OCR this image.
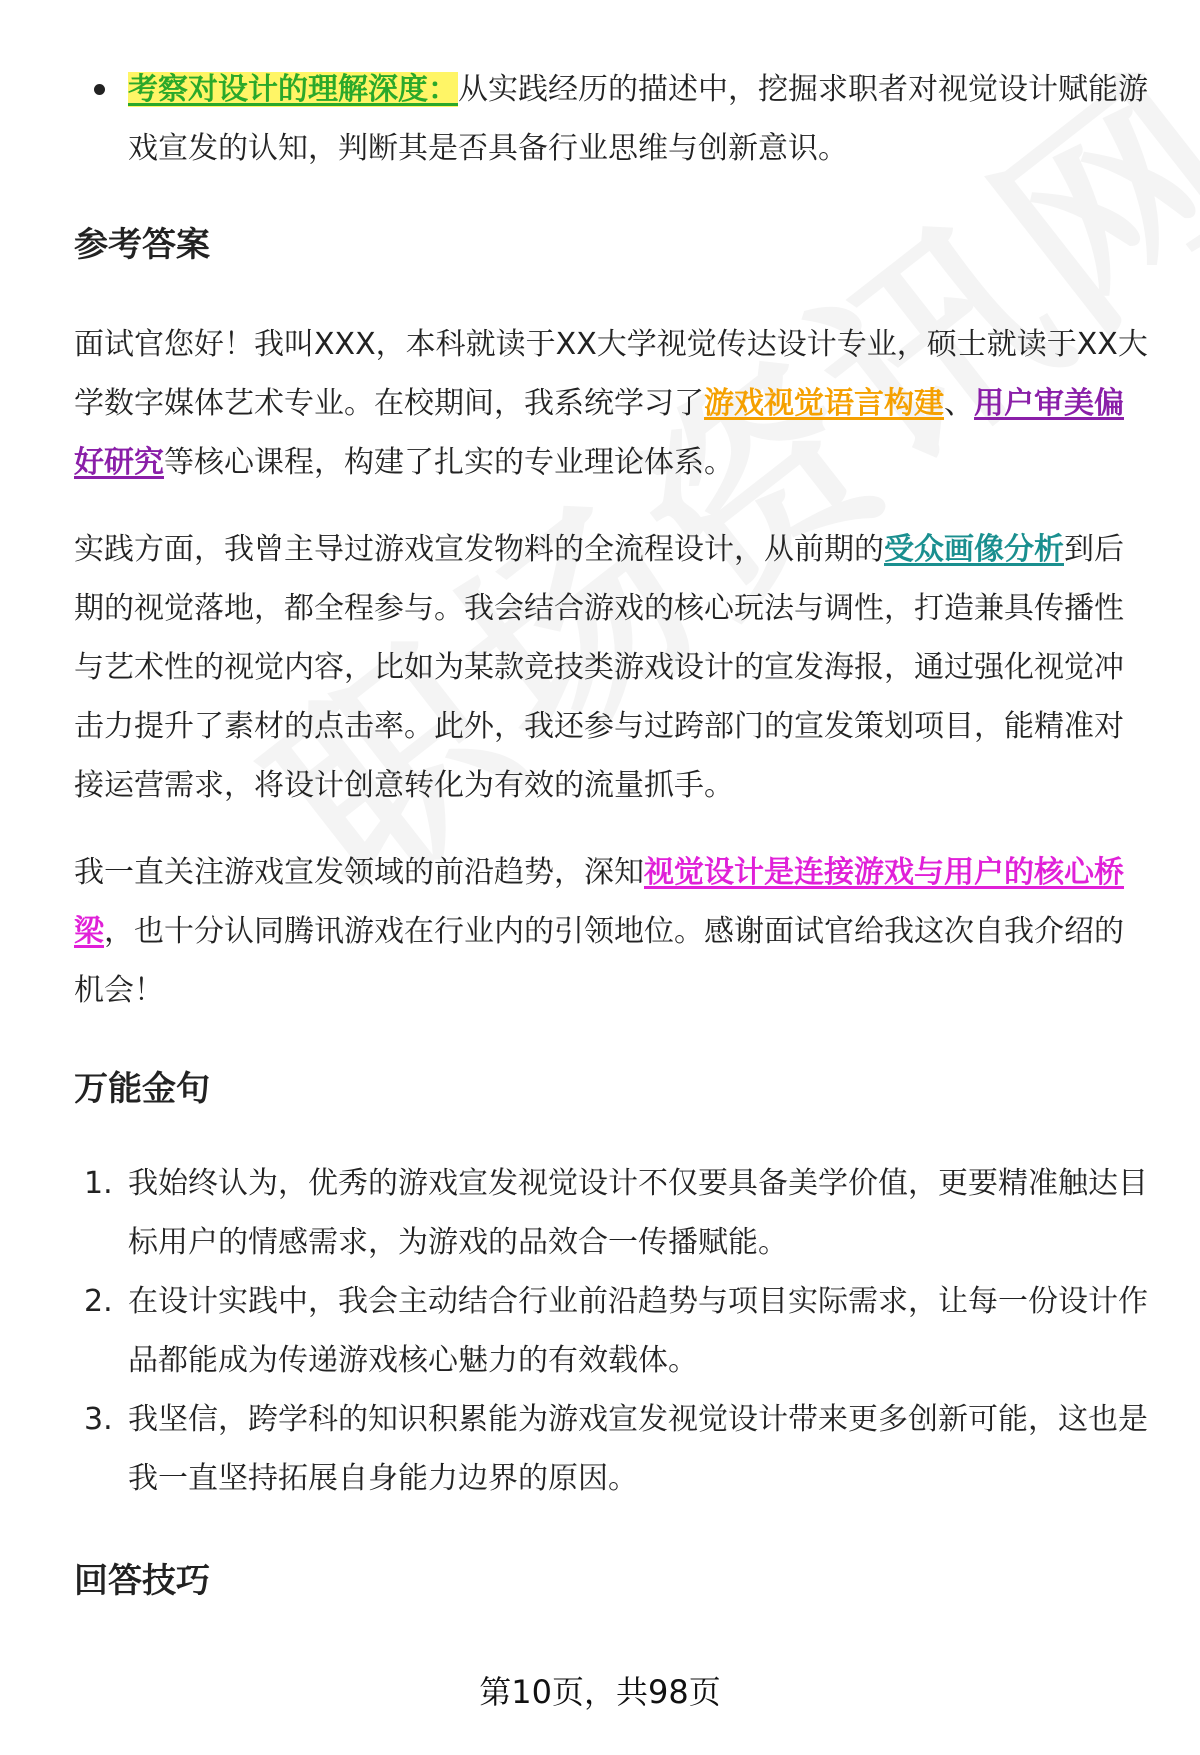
考察对设计的理解深度：从实践经历的描述中，挖掘求职者对视觉设计赋能游戏宣发的认知，判断其是否具备行业思维与创新意识。

参考答案

面试官您好！我叫XXX，本科就读于XX大学视觉传达设计专业，硕士就读于XX大学数字媒体艺术专业。在校期间，我系统学习了游戏视觉语言构建、用户审美偏好研究等核心课程，构建了扎实的专业理论体系。

实践方面，我曾主导过游戏宣发物料的全流程设计，从前期的受众画像分析到后期的视觉落地，都全程参与。我会结合游戏的核心玩法与调性，打造兼具传播性与艺术性的视觉内容，比如为某款竞技类游戏设计的宣发海报，通过强化视觉冲击力提升了素材的点击率。此外，我还参与过跨部门的宣发策划项目，能精准对接运营需求，将设计创意转化为有效的流量抓手。

我一直关注游戏宣发领域的前沿趋势，深知视觉设计是连接游戏与用户的核心桥梁，也十分认同腾讯游戏在行业内的引领地位。感谢面试官给我这次自我介绍的机会！

万能金句
1. 我始终认为，优秀的游戏宣发视觉设计不仅要具备美学价值，更要精准触达目标用户的情感需求，为游戏的品效合一传播赋能。
2. 在设计实践中，我会主动结合行业前沿趋势与项目实际需求，让每一份设计作品都能成为传递游戏核心魅力的有效载体。
3. 我坚信，跨学科的知识积累能为游戏宣发视觉设计带来更多创新可能，这也是我一直坚持拓展自身能力边界的原因。
回答技巧
第10页，共98页
